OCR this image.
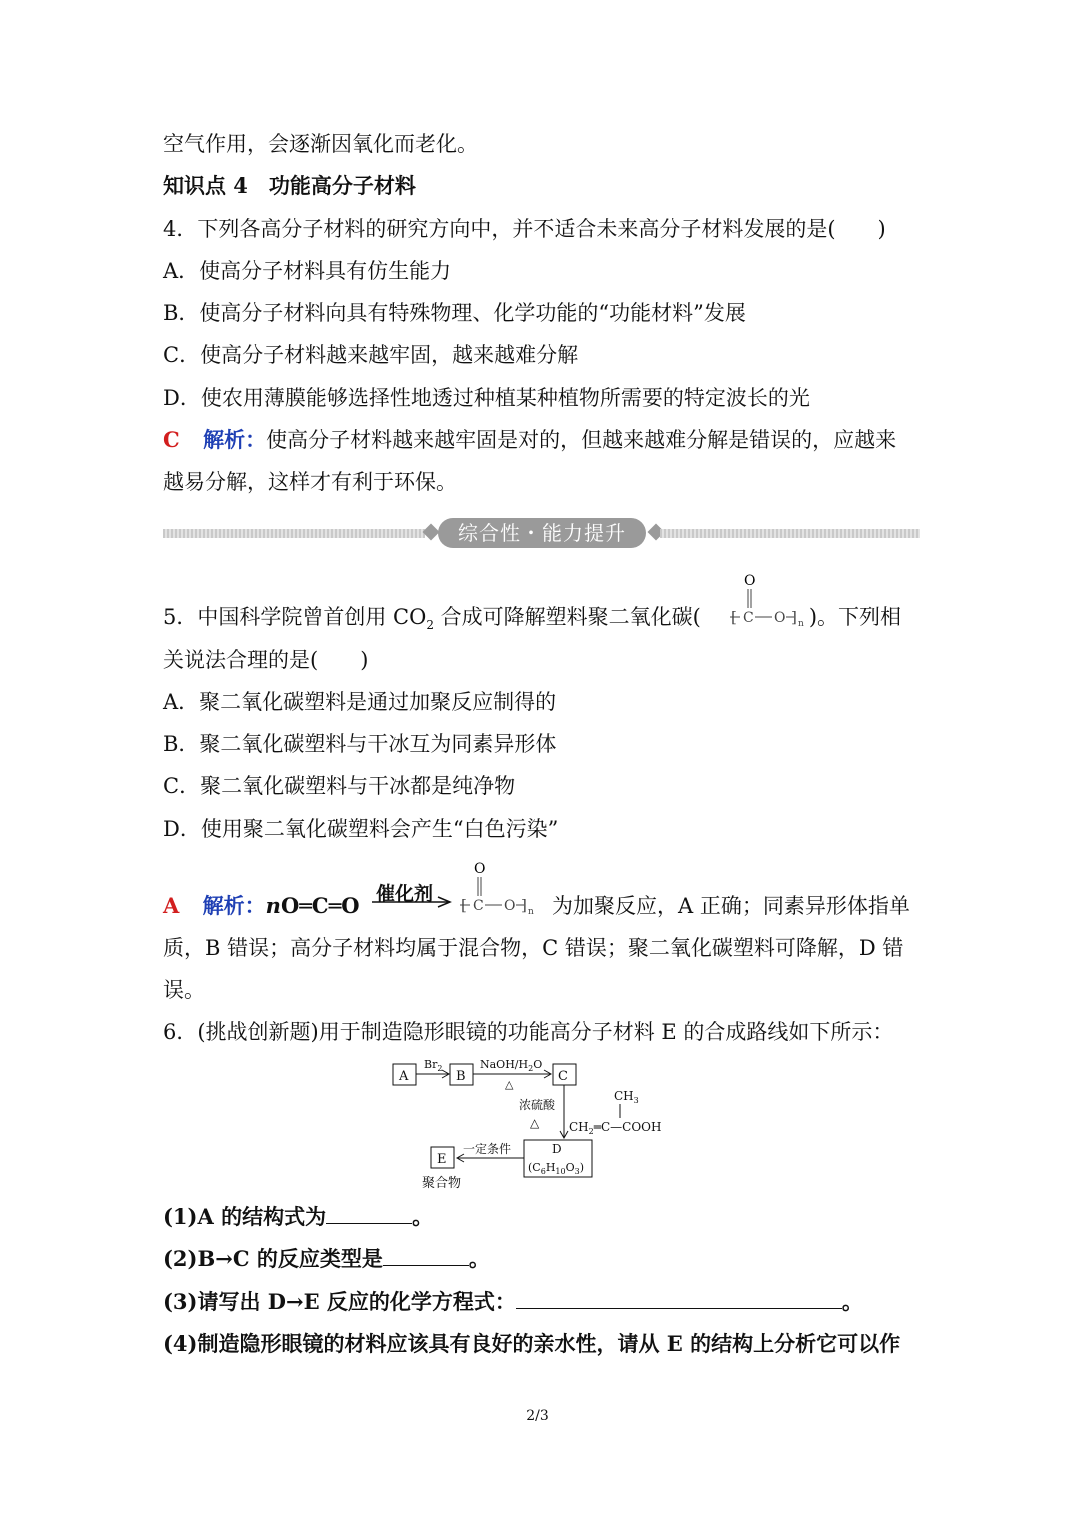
空气作用，会逐渐因氧化而老化。
知识点 4　功能高分子材料
4．下列各高分子材料的研究方向中，并不适合未来高分子材料发展的是(　　)
A．使高分子材料具有仿生能力
B．使高分子材料向具有特殊物理、化学功能的“功能材料”发展
C．使高分子材料越来越牢固，越来越难分解
D．使农用薄膜能够选择性地透过种植某种植物所需要的特定波长的光
C 解析：使高分子材料越来越牢固是对的，但越来越难分解是错误的，应越来
越易分解，这样才有利于环保。
综合性・能力提升
5．中国科学院曾首创用 $CO_2$ 合成可降解塑料聚二氧化碳(	)。下列相
O
[ C O ] n
关说法合理的是(　　)
A．聚二氧化碳塑料是通过加聚反应制得的
B．聚二氧化碳塑料与干冰互为同素异形体
C．聚二氧化碳塑料与干冰都是纯净物
D．使用聚二氧化碳塑料会产生“白色污染”
A 解析：nO═C═O 催化剂
O
[ C O ] n 为加聚反应，A 正确；同素异形体指单
质，B 错误；高分子材料均属于混合物，C 错误；聚二氧化碳塑料可降解，D 错
误。
6．(挑战创新题)用于制造隐形眼镜的功能高分子材料 E 的合成路线如下所示：
A
$Br_2$
B
NaOH/$H_2O$
△
C
浓硫酸
△
$CH_3$
$CH_2═C—COOH$
D
$(C_6H_{10}O_3)$
一定条件
E
聚合物
(1)A 的结构式为	。
(2)B→C 的反应类型是	。
(3)请写出 D→E 反应的化学方程式：	。
(4)制造隐形眼镜的材料应该具有良好的亲水性，请从 E 的结构上分析它可以作
2/3
